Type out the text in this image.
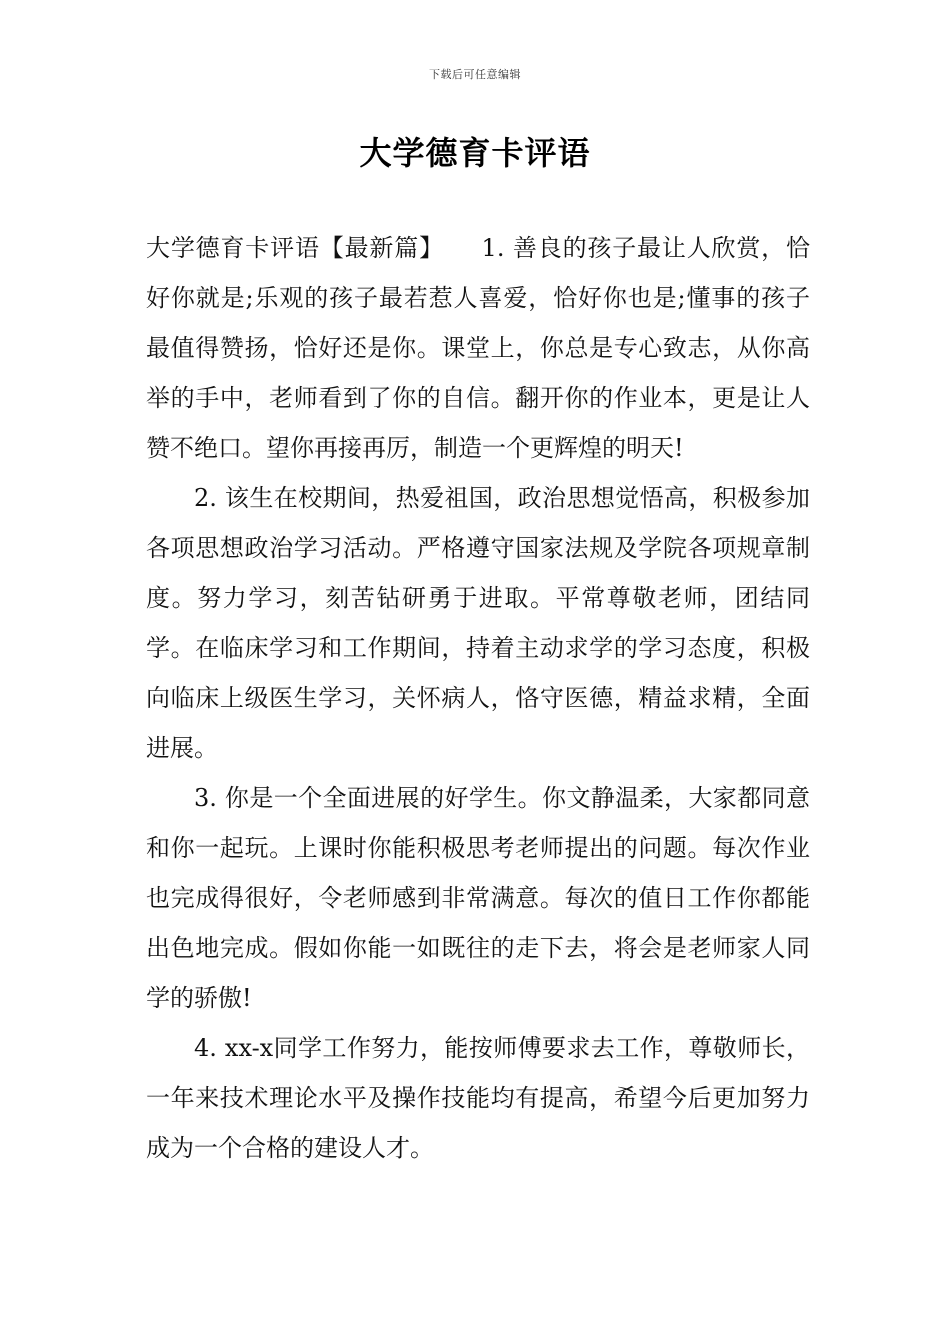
下载后可任意编辑
大学德育卡评语

大学德育卡评语【最新篇】　　1. 善良的孩子最让人欣赏，恰好你就是;乐观的孩子最若惹人喜爱，恰好你也是;懂事的孩子最值得赞扬，恰好还是你。课堂上，你总是专心致志，从你高举的手中，老师看到了你的自信。翻开你的作业本，更是让人赞不绝口。望你再接再厉，制造一个更辉煌的明天!

2. 该生在校期间，热爱祖国，政治思想觉悟高，积极参加各项思想政治学习活动。严格遵守国家法规及学院各项规章制度。努力学习，刻苦钻研勇于进取。平常尊敬老师，团结同学。在临床学习和工作期间，持着主动求学的学习态度，积极向临床上级医生学习，关怀病人，恪守医德，精益求精，全面进展。

3. 你是一个全面进展的好学生。你文静温柔，大家都同意和你一起玩。上课时你能积极思考老师提出的问题。每次作业也完成得很好，令老师感到非常满意。每次的值日工作你都能出色地完成。假如你能一如既往的走下去，将会是老师家人同学的骄傲!

4. xx-x同学工作努力，能按师傅要求去工作，尊敬师长，一年来技术理论水平及操作技能均有提高，希望今后更加努力成为一个合格的建设人才。
